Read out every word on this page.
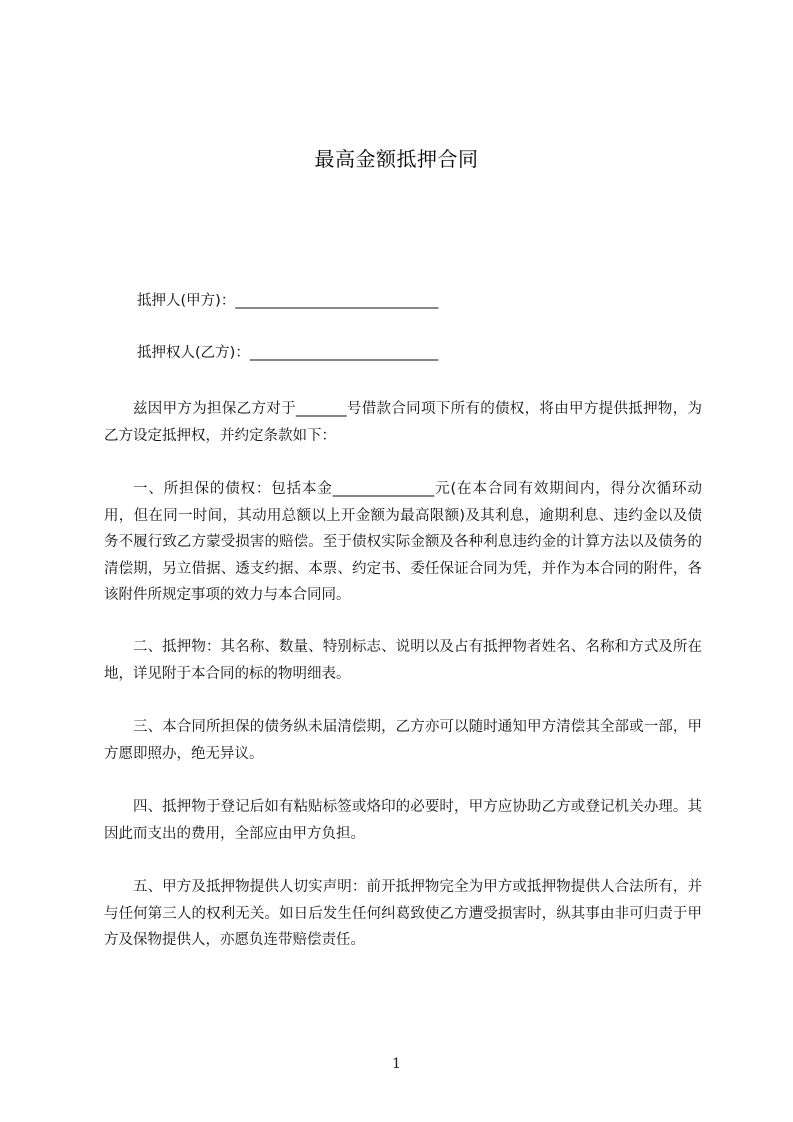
最高金额抵押合同
抵押人(甲方)：____________________________
抵押权人(乙方)：__________________________
兹因甲方为担保乙方对于_______号借款合同项下所有的债权，将由甲方提供抵押物，为乙方设定抵押权，并约定条款如下：
一、所担保的债权：包括本金______________元(在本合同有效期间内，得分次循环动用，但在同一时间，其动用总额以上开金额为最高限额)及其利息，逾期利息、违约金以及债务不履行致乙方蒙受损害的赔偿。至于债权实际金额及各种利息违约金的计算方法以及债务的清偿期，另立借据、透支约据、本票、约定书、委任保证合同为凭，并作为本合同的附件，各该附件所规定事项的效力与本合同同。
二、抵押物：其名称、数量、特别标志、说明以及占有抵押物者姓名、名称和方式及所在地，详见附于本合同的标的物明细表。
三、本合同所担保的债务纵未届清偿期，乙方亦可以随时通知甲方清偿其全部或一部，甲方愿即照办，绝无异议。
四、抵押物于登记后如有粘贴标签或烙印的必要时，甲方应协助乙方或登记机关办理。其因此而支出的费用，全部应由甲方负担。
五、甲方及抵押物提供人切实声明：前开抵押物完全为甲方或抵押物提供人合法所有，并与任何第三人的权利无关。如日后发生任何纠葛致使乙方遭受损害时，纵其事由非可归责于甲方及保物提供人，亦愿负连带赔偿责任。
1
